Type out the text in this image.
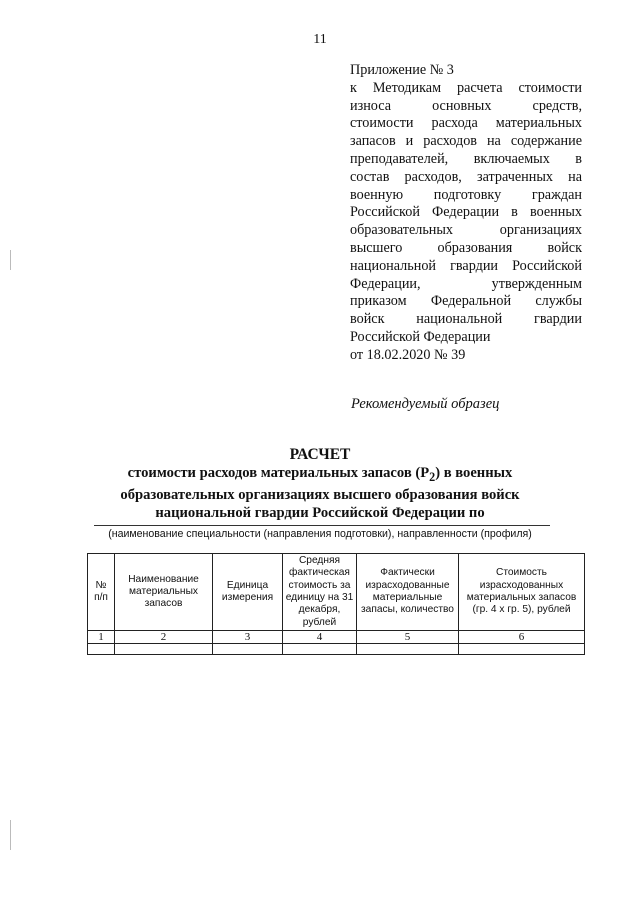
11
Приложение № 3
к Методикам расчета стоимости
износа основных средств,
стоимости расхода материальных
запасов и расходов на содержание
преподавателей, включаемых в
состав расходов, затраченных на
военную подготовку граждан
Российской Федерации в военных
образовательных организациях
высшего образования войск
национальной гвардии Российской
Федерации, утвержденным
приказом Федеральной службы
войск национальной гвардии
Российской Федерации
от 18.02.2020 № 39
Рекомендуемый образец
РАСЧЕТ
стоимости расходов материальных запасов $(Р_2)$ в военных
образовательных организациях высшего образования войск
национальной гвардии Российской Федерации по
(наименование специальности (направления подготовки), направленности (профиля)
№ п/п	Наименование материальных запасов	Единица измерения	Средняя фактическая стоимость за единицу на 31 декабря, рублей	Фактически израсходованные материальные запасы, количество	Стоимость израсходованных материальных запасов (гр. 4 х гр. 5), рублей
1	2	3	4	5	6
